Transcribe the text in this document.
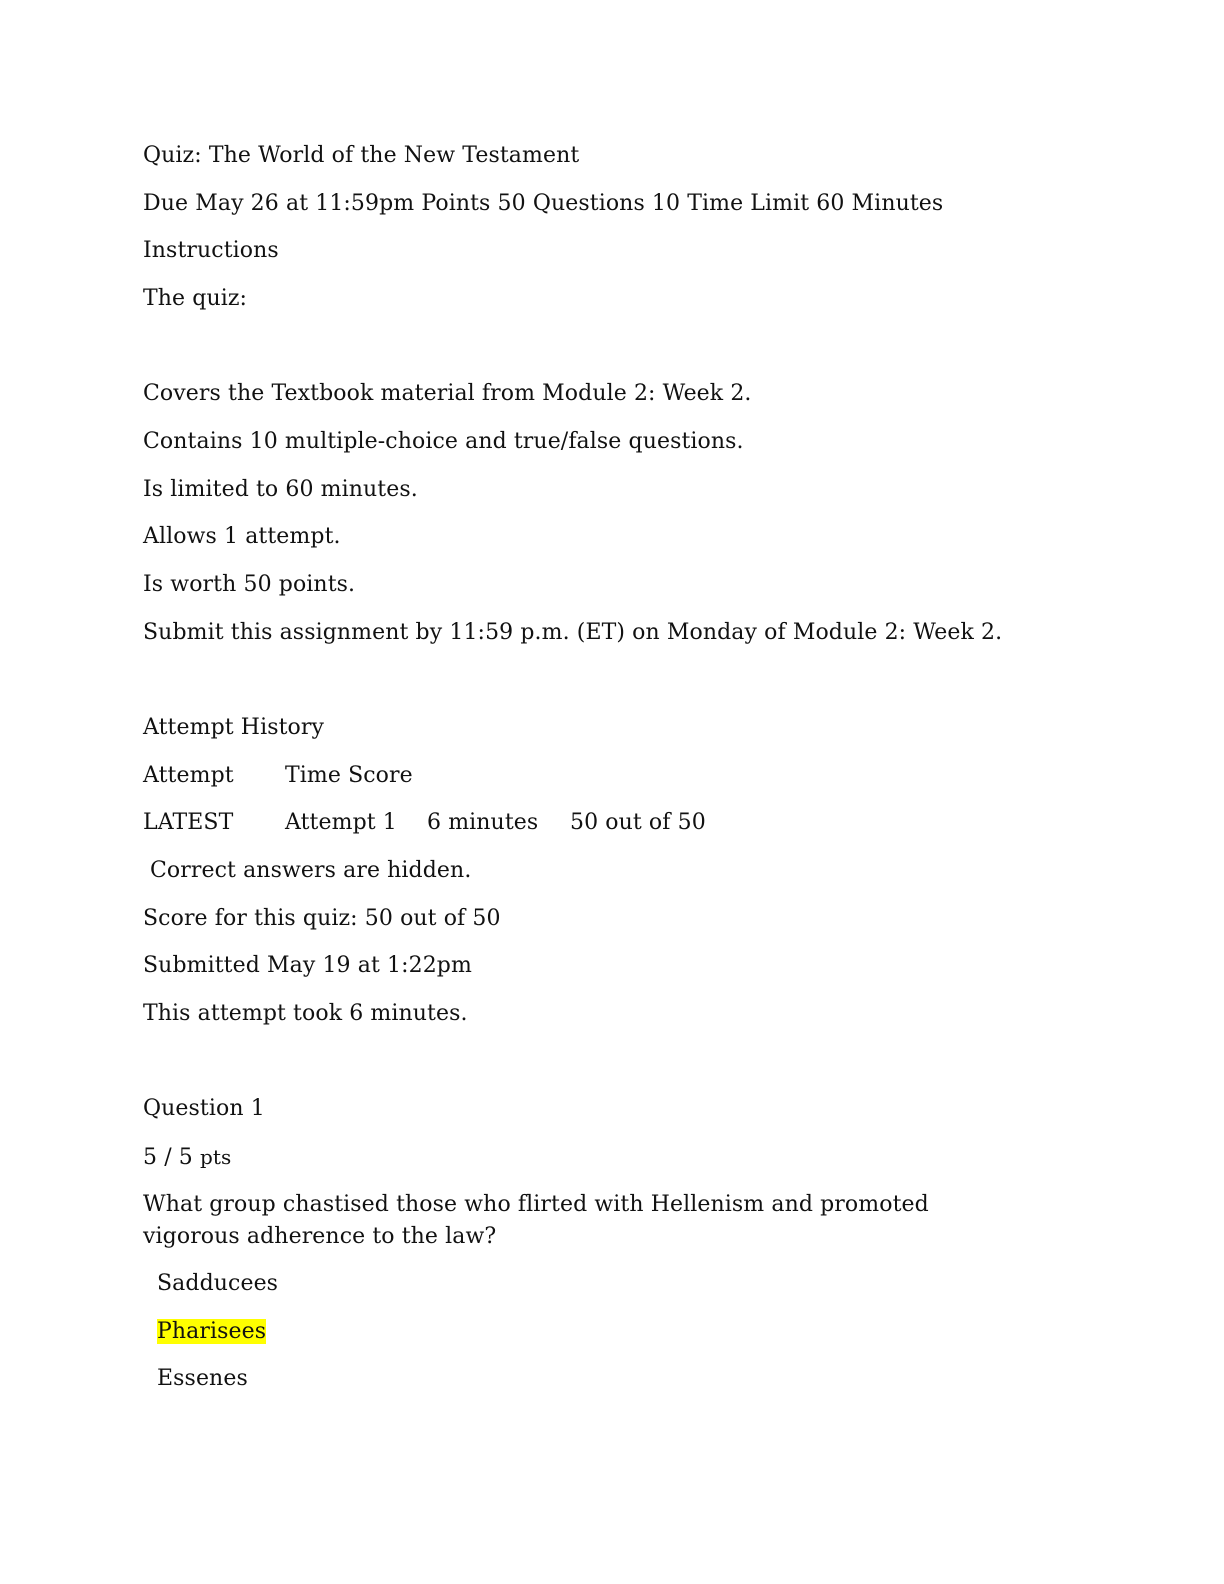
Quiz: The World of the New Testament
Due May 26 at 11:59pm Points 50 Questions 10 Time Limit 60 Minutes
Instructions
The quiz:
Covers the Textbook material from Module 2: Week 2.
Contains 10 multiple-choice and true/false questions.
Is limited to 60 minutes.
Allows 1 attempt.
Is worth 50 points.
Submit this assignment by 11:59 p.m. (ET) on Monday of Module 2: Week 2.
Attempt History
Attempt Time Score
LATEST Attempt 1 6 minutes 50 out of 50
Correct answers are hidden.
Score for this quiz: 50 out of 50
Submitted May 19 at 1:22pm
This attempt took 6 minutes.
Question 1
5 / 5 pts
What group chastised those who flirted with Hellenism and promoted vigorous adherence to the law?
Sadducees
Pharisees
Essenes
